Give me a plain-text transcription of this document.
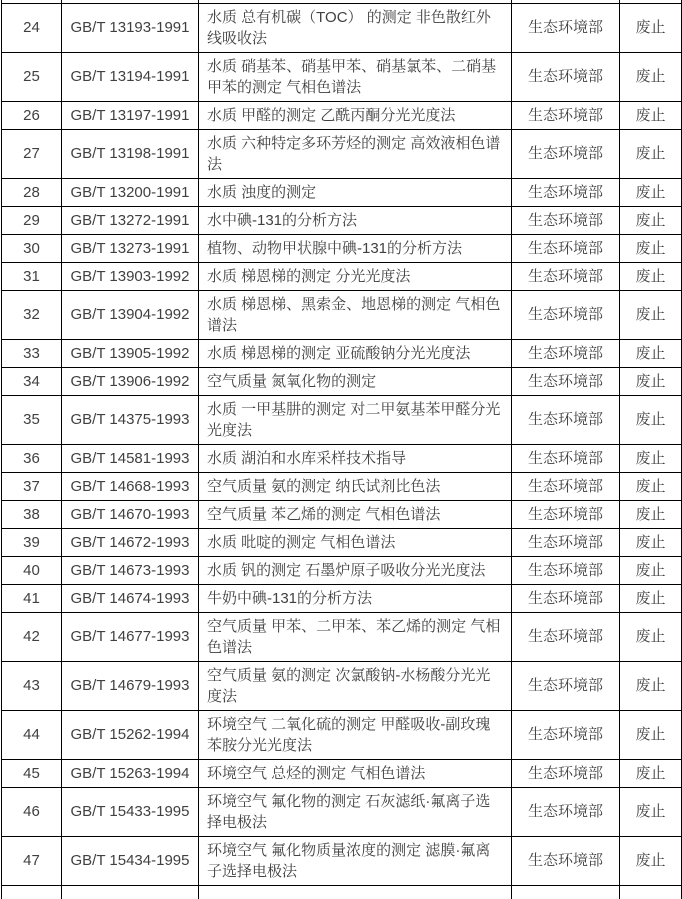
24	GB/T 13193-1991	水质 总有机碳（TOC） 的测定 非色散红外线吸收法	生态环境部	废止
25	GB/T 13194-1991	水质 硝基苯、硝基甲苯、硝基氯苯、二硝基甲苯的测定 气相色谱法	生态环境部	废止
26	GB/T 13197-1991	水质 甲醛的测定 乙酰丙酮分光光度法	生态环境部	废止
27	GB/T 13198-1991	水质 六种特定多环芳烃的测定 高效液相色谱法	生态环境部	废止
28	GB/T 13200-1991	水质 浊度的测定	生态环境部	废止
29	GB/T 13272-1991	水中碘-131的分析方法	生态环境部	废止
30	GB/T 13273-1991	植物、动物甲状腺中碘-131的分析方法	生态环境部	废止
31	GB/T 13903-1992	水质 梯恩梯的测定 分光光度法	生态环境部	废止
32	GB/T 13904-1992	水质 梯恩梯、黑索金、地恩梯的测定 气相色谱法	生态环境部	废止
33	GB/T 13905-1992	水质 梯恩梯的测定 亚硫酸钠分光光度法	生态环境部	废止
34	GB/T 13906-1992	空气质量 氮氧化物的测定	生态环境部	废止
35	GB/T 14375-1993	水质 一甲基肼的测定 对二甲氨基苯甲醛分光光度法	生态环境部	废止
36	GB/T 14581-1993	水质 湖泊和水库采样技术指导	生态环境部	废止
37	GB/T 14668-1993	空气质量 氨的测定 纳氏试剂比色法	生态环境部	废止
38	GB/T 14670-1993	空气质量 苯乙烯的测定 气相色谱法	生态环境部	废止
39	GB/T 14672-1993	水质 吡啶的测定 气相色谱法	生态环境部	废止
40	GB/T 14673-1993	水质 钒的测定 石墨炉原子吸收分光光度法	生态环境部	废止
41	GB/T 14674-1993	牛奶中碘-131的分析方法	生态环境部	废止
42	GB/T 14677-1993	空气质量 甲苯、二甲苯、苯乙烯的测定 气相色谱法	生态环境部	废止
43	GB/T 14679-1993	空气质量 氨的测定 次氯酸钠-水杨酸分光光度法	生态环境部	废止
44	GB/T 15262-1994	环境空气 二氧化硫的测定 甲醛吸收-副玫瑰苯胺分光光度法	生态环境部	废止
45	GB/T 15263-1994	环境空气 总烃的测定 气相色谱法	生态环境部	废止
46	GB/T 15433-1995	环境空气 氟化物的测定 石灰滤纸·氟离子选择电极法	生态环境部	废止
47	GB/T 15434-1995	环境空气 氟化物质量浓度的测定 滤膜·氟离子选择电极法	生态环境部	废止
